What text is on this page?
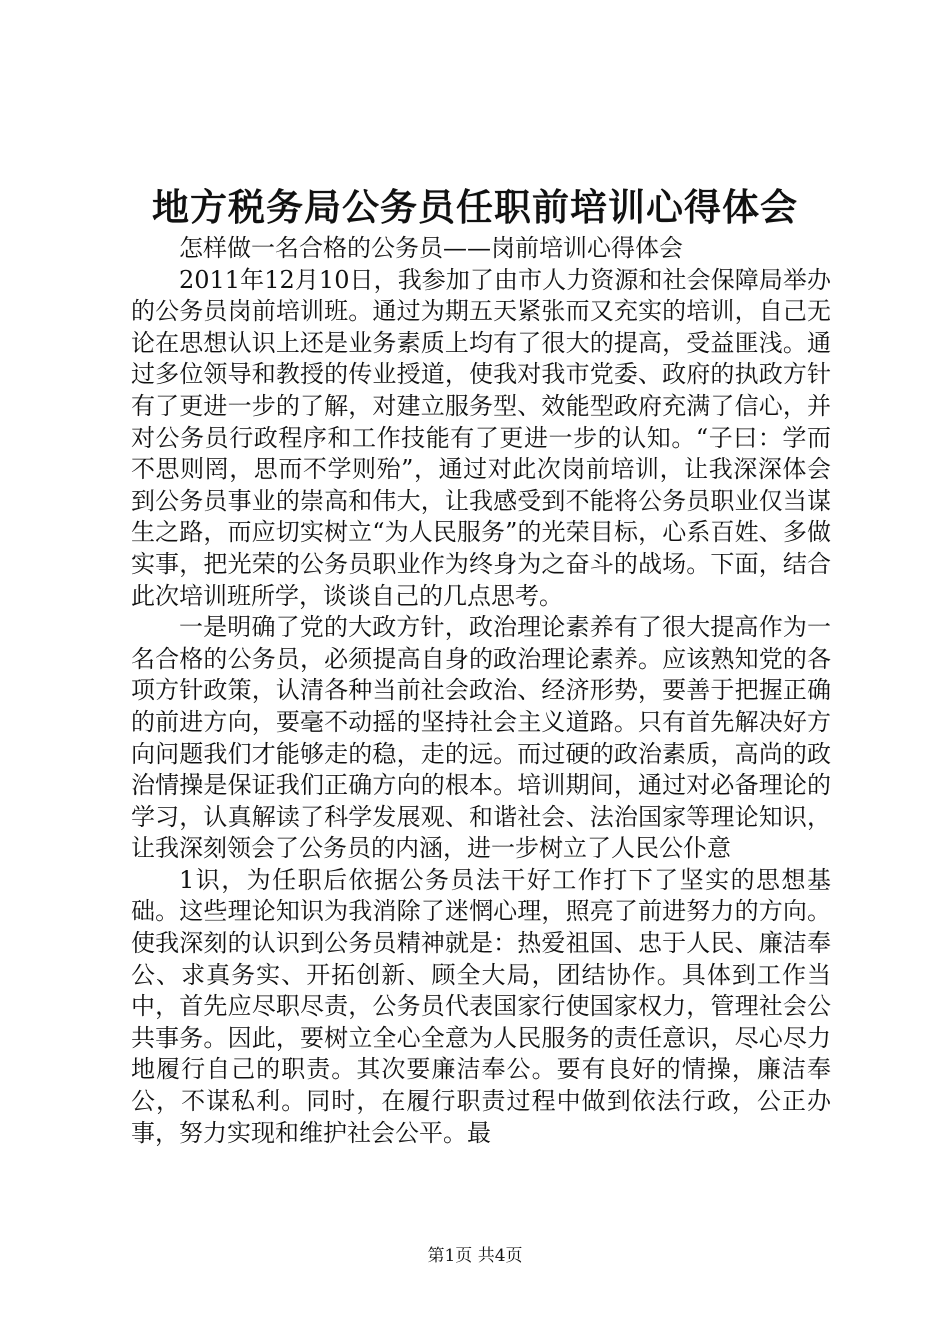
地方税务局公务员任职前培训心得体会

怎样做一名合格的公务员——岗前培训心得体会

2011年12月10日，我参加了由市人力资源和社会保障局举办的公务员岗前培训班。通过为期五天紧张而又充实的培训，自己无论在思想认识上还是业务素质上均有了很大的提高，受益匪浅。通过多位领导和教授的传业授道，使我对我市党委、政府的执政方针有了更进一步的了解，对建立服务型、效能型政府充满了信心，并对公务员行政程序和工作技能有了更进一步的认知。“子曰：学而不思则罔，思而不学则殆”，通过对此次岗前培训，让我深深体会到公务员事业的崇高和伟大，让我感受到不能将公务员职业仅当谋生之路，而应切实树立“为人民服务”的光荣目标，心系百姓、多做实事，把光荣的公务员职业作为终身为之奋斗的战场。下面，结合此次培训班所学，谈谈自己的几点思考。

一是明确了党的大政方针，政治理论素养有了很大提高作为一名合格的公务员，必须提高自身的政治理论素养。应该熟知党的各项方针政策，认清各种当前社会政治、经济形势，要善于把握正确的前进方向，要毫不动摇的坚持社会主义道路。只有首先解决好方向问题我们才能够走的稳，走的远。而过硬的政治素质，高尚的政治情操是保证我们正确方向的根本。培训期间，通过对必备理论的学习，认真解读了科学发展观、和谐社会、法治国家等理论知识，让我深刻领会了公务员的内涵，进一步树立了人民公仆意

1识，为任职后依据公务员法干好工作打下了坚实的思想基础。这些理论知识为我消除了迷惘心理，照亮了前进努力的方向。使我深刻的认识到公务员精神就是：热爱祖国、忠于人民、廉洁奉公、求真务实、开拓创新、顾全大局，团结协作。具体到工作当中，首先应尽职尽责，公务员代表国家行使国家权力，管理社会公共事务。因此，要树立全心全意为人民服务的责任意识，尽心尽力地履行自己的职责。其次要廉洁奉公。要有良好的情操，廉洁奉公，不谋私利。同时，在履行职责过程中做到依法行政，公正办事，努力实现和维护社会公平。最

第1页 共4页
